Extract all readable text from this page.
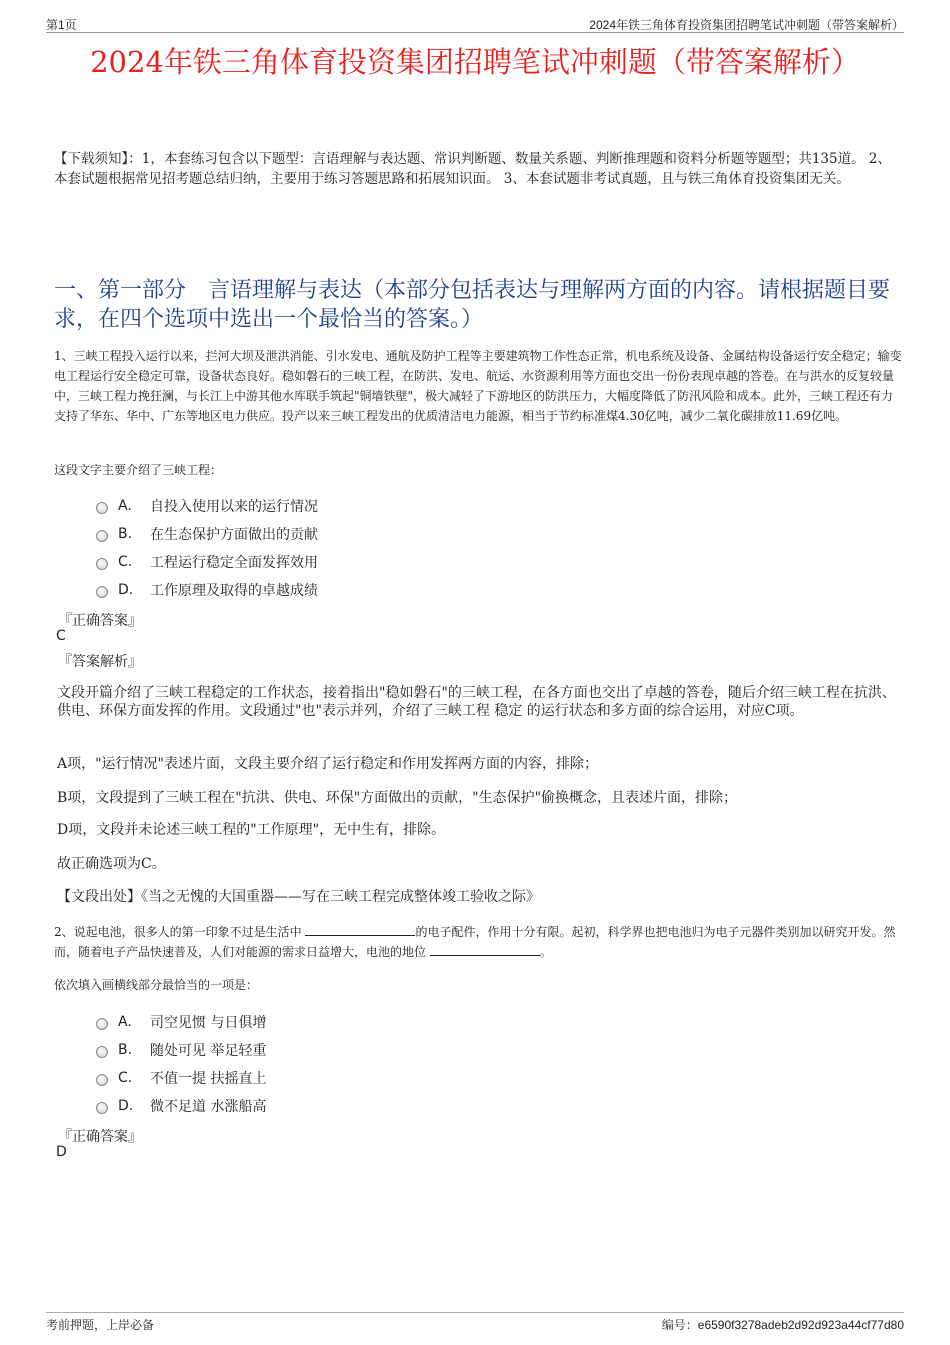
第1页	2024年铁三角体育投资集团招聘笔试冲刺题（带答案解析）
2024年铁三角体育投资集团招聘笔试冲刺题（带答案解析）
【下载须知】：1，本套练习包含以下题型：言语理解与表达题、常识判断题、数量关系题、判断推理题和资料分析题等题型；共135道。 2、本套试题根据常见招考题总结归纳，主要用于练习答题思路和拓展知识面。 3、本套试题非考试真题，且与铁三角体育投资集团无关。
一、第一部分　言语理解与表达（本部分包括表达与理解两方面的内容。请根据题目要求，在四个选项中选出一个最恰当的答案。）
1、三峡工程投入运行以来，拦河大坝及泄洪消能、引水发电、通航及防护工程等主要建筑物工作性态正常，机电系统及设备、金属结构设备运行安全稳定；输变电工程运行安全稳定可靠，设备状态良好。稳如磐石的三峡工程，在防洪、发电、航运、水资源利用等方面也交出一份份表现卓越的答卷。在与洪水的反复较量中，三峡工程力挽狂澜，与长江上中游其他水库联手筑起"铜墙铁壁"，极大减轻了下游地区的防洪压力，大幅度降低了防汛风险和成本。此外，三峡工程还有力支持了华东、华中、广东等地区电力供应。投产以来三峡工程发出的优质清洁电力能源，相当于节约标准煤4.30亿吨，减少二氧化碳排放11.69亿吨。
这段文字主要介绍了三峡工程：
A.	自投入使用以来的运行情况
B.	在生态保护方面做出的贡献
C.	工程运行稳定全面发挥效用
D.	工作原理及取得的卓越成绩
『正确答案』
C
『答案解析』
文段开篇介绍了三峡工程稳定的工作状态，接着指出"稳如磐石"的三峡工程，在各方面也交出了卓越的答卷，随后介绍三峡工程在抗洪、供电、环保方面发挥的作用。文段通过"也"表示并列，介绍了三峡工程 稳定 的运行状态和多方面的综合运用，对应C项。
A项，"运行情况"表述片面，文段主要介绍了运行稳定和作用发挥两方面的内容，排除；
B项，文段提到了三峡工程在"抗洪、供电、环保"方面做出的贡献，"生态保护"偷换概念，且表述片面，排除；
D项，文段并未论述三峡工程的"工作原理"，无中生有，排除。
故正确选项为C。
【文段出处】《当之无愧的大国重器——写在三峡工程完成整体竣工验收之际》
2、说起电池，很多人的第一印象不过是生活中	的电子配件，作用十分有限。起初，科学界也把电池归为电子元器件类别加以研究开发。然而，随着电子产品快速普及，人们对能源的需求日益增大，电池的地位	。
依次填入画横线部分最恰当的一项是：
A.	司空见惯 与日俱增
B.	随处可见 举足轻重
C.	不值一提 扶摇直上
D.	微不足道 水涨船高
『正确答案』
D
考前押题，上岸必备	编号：e6590f3278adeb2d92d923a44cf77d80
